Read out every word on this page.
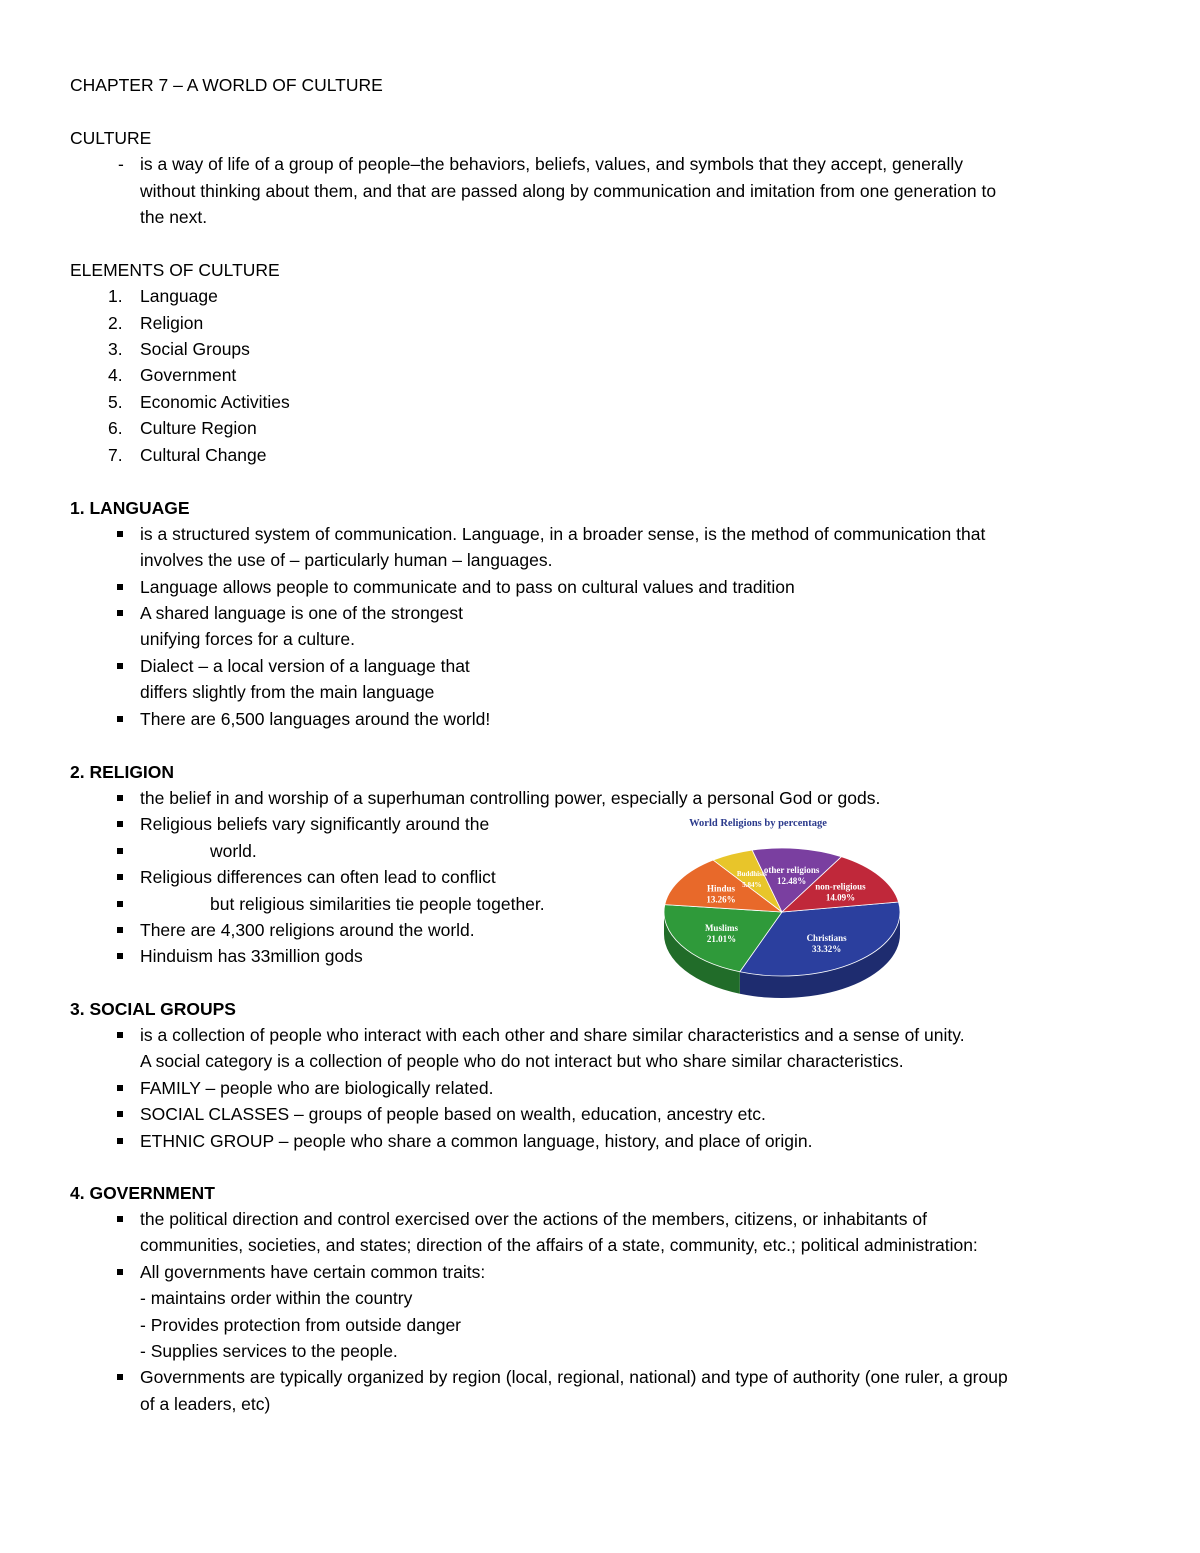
CHAPTER 7 – A WORLD OF CULTURE
CULTURE
- is a way of life of a group of people–the behaviors, beliefs, values, and symbols that they accept, generally
without thinking about them, and that are passed along by communication and imitation from one generation to
the next.
ELEMENTS OF CULTURE
1. Language
2. Religion
3. Social Groups
4. Government
5. Economic Activities
6. Culture Region
7. Cultural Change
1. LANGUAGE
is a structured system of communication. Language, in a broader sense, is the method of communication that
involves the use of – particularly human – languages.
Language allows people to communicate and to pass on cultural values and tradition
A shared language is one of the strongest
unifying forces for a culture.
Dialect – a local version of a language that
differs slightly from the main language
There are 6,500 languages around the world!
2. RELIGION
the belief in and worship of a superhuman controlling power, especially a personal God or gods.
Religious beliefs vary significantly around the
world.
Religious differences can often lead to conflict
but religious similarities tie people together.
There are 4,300 religions around the world.
Hinduism has 33million gods
World Religions by percentage
Christians
33.32%
Muslims
21.01%
Hindus
13.26%
Buddhists
5.84%
other religions
12.48%
non-religious
14.09%
3. SOCIAL GROUPS
is a collection of people who interact with each other and share similar characteristics and a sense of unity.
A social category is a collection of people who do not interact but who share similar characteristics.
FAMILY – people who are biologically related.
SOCIAL CLASSES – groups of people based on wealth, education, ancestry etc.
ETHNIC GROUP – people who share a common language, history, and place of origin.
4. GOVERNMENT
the political direction and control exercised over the actions of the members, citizens, or inhabitants of
communities, societies, and states; direction of the affairs of a state, community, etc.; political administration:
All governments have certain common traits:
- maintains order within the country
- Provides protection from outside danger
- Supplies services to the people.
Governments are typically organized by region (local, regional, national) and type of authority (one ruler, a group
of a leaders, etc)
